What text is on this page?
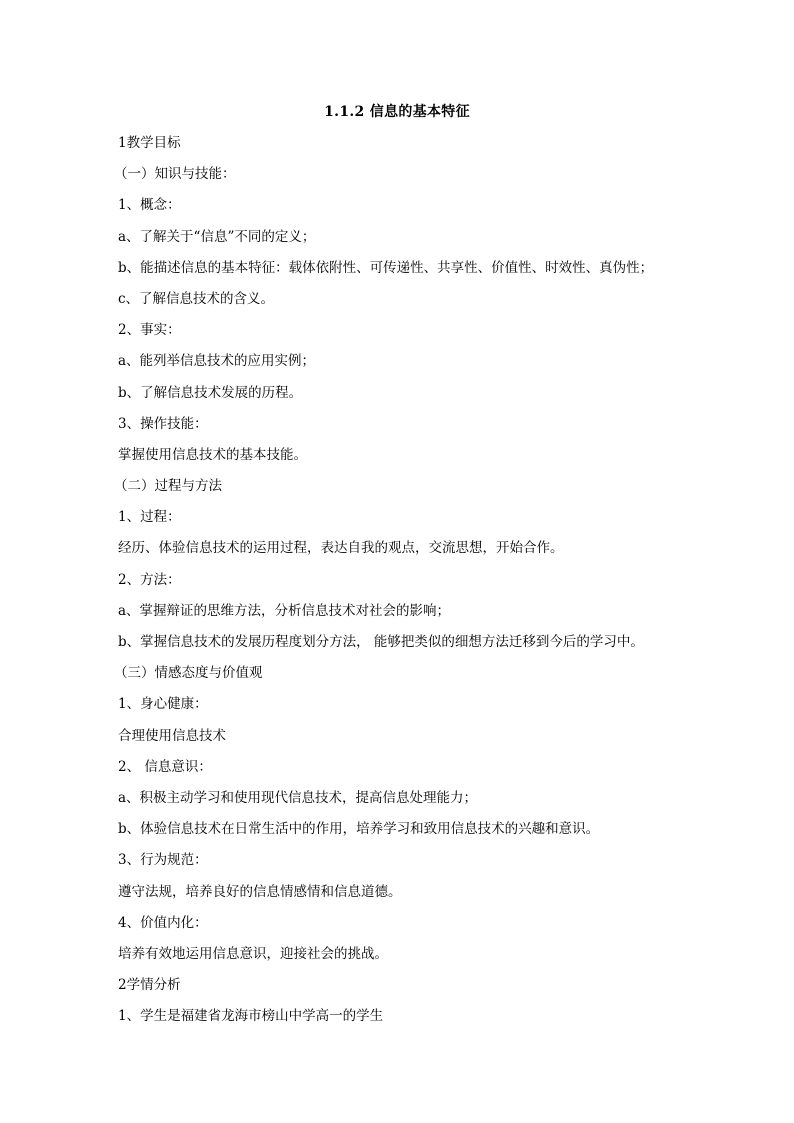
1.1.2 信息的基本特征
1教学目标
（一）知识与技能：
1、概念：
a、了解关于“信息”不同的定义；
b、能描述信息的基本特征：载体依附性、可传递性、共享性、价值性、时效性、真伪性；
c、了解信息技术的含义。
2、事实：
a、能列举信息技术的应用实例；
b、了解信息技术发展的历程。
3、操作技能：
掌握使用信息技术的基本技能。
（二）过程与方法
1、过程：
经历、体验信息技术的运用过程，表达自我的观点，交流思想，开始合作。
2、方法：
a、掌握辩证的思维方法，分析信息技术对社会的影响；
b、掌握信息技术的发展历程度划分方法， 能够把类似的细想方法迁移到今后的学习中。
（三）情感态度与价值观
1、身心健康：
合理使用信息技术
2、 信息意识：
a、积极主动学习和使用现代信息技术，提高信息处理能力；
b、体验信息技术在日常生活中的作用，培养学习和致用信息技术的兴趣和意识。
3、行为规范：
遵守法规，培养良好的信息情感情和信息道德。
4、价值内化：
培养有效地运用信息意识，迎接社会的挑战。
2学情分析
1、学生是福建省龙海市榜山中学高一的学生
